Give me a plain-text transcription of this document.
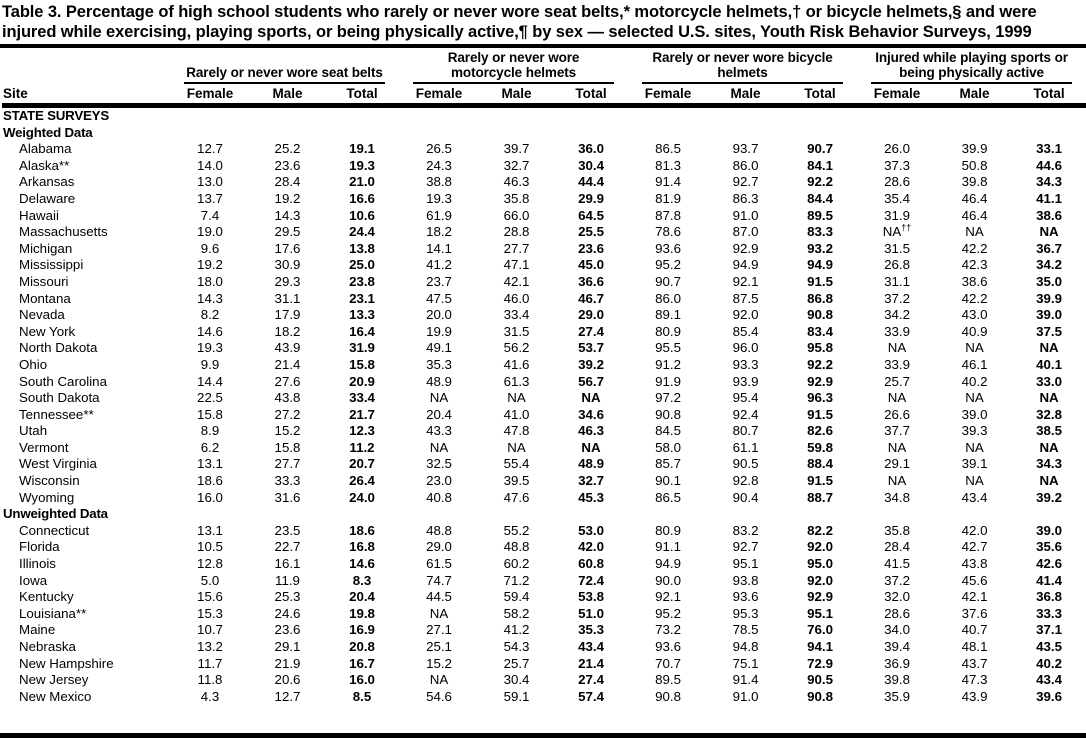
Table 3. Percentage of high school students who rarely or never wore seat belts,* motorcycle helmets,† or bicycle helmets,§ and were injured while exercising, playing sports, or being physically active,¶ by sex — selected U.S. sites, Youth Risk Behavior Surveys, 1999
Site	Rarely or never wore seat belts			Rarely or never wore motorcycle helmets			Rarely or never wore bicycle helmets			Injured while playing sports or being physically active		

	Female	Male	Total	Female	Male	Total	Female	Male	Total	Female	Male	Total
STATE SURVEYS												
Weighted Data												
Alabama	12.7	25.2	19.1	26.5	39.7	36.0	86.5	93.7	90.7	26.0	39.9	33.1
Alaska**	14.0	23.6	19.3	24.3	32.7	30.4	81.3	86.0	84.1	37.3	50.8	44.6
Arkansas	13.0	28.4	21.0	38.8	46.3	44.4	91.4	92.7	92.2	28.6	39.8	34.3
Delaware	13.7	19.2	16.6	19.3	35.8	29.9	81.9	86.3	84.4	35.4	46.4	41.1
Hawaii	7.4	14.3	10.6	61.9	66.0	64.5	87.8	91.0	89.5	31.9	46.4	38.6
Massachusetts	19.0	29.5	24.4	18.2	28.8	25.5	78.6	87.0	83.3	NA††	NA	NA
Michigan	9.6	17.6	13.8	14.1	27.7	23.6	93.6	92.9	93.2	31.5	42.2	36.7
Mississippi	19.2	30.9	25.0	41.2	47.1	45.0	95.2	94.9	94.9	26.8	42.3	34.2
Missouri	18.0	29.3	23.8	23.7	42.1	36.6	90.7	92.1	91.5	31.1	38.6	35.0
Montana	14.3	31.1	23.1	47.5	46.0	46.7	86.0	87.5	86.8	37.2	42.2	39.9
Nevada	8.2	17.9	13.3	20.0	33.4	29.0	89.1	92.0	90.8	34.2	43.0	39.0
New York	14.6	18.2	16.4	19.9	31.5	27.4	80.9	85.4	83.4	33.9	40.9	37.5
North Dakota	19.3	43.9	31.9	49.1	56.2	53.7	95.5	96.0	95.8	NA	NA	NA
Ohio	9.9	21.4	15.8	35.3	41.6	39.2	91.2	93.3	92.2	33.9	46.1	40.1
South Carolina	14.4	27.6	20.9	48.9	61.3	56.7	91.9	93.9	92.9	25.7	40.2	33.0
South Dakota	22.5	43.8	33.4	NA	NA	NA	97.2	95.4	96.3	NA	NA	NA
Tennessee**	15.8	27.2	21.7	20.4	41.0	34.6	90.8	92.4	91.5	26.6	39.0	32.8
Utah	8.9	15.2	12.3	43.3	47.8	46.3	84.5	80.7	82.6	37.7	39.3	38.5
Vermont	6.2	15.8	11.2	NA	NA	NA	58.0	61.1	59.8	NA	NA	NA
West Virginia	13.1	27.7	20.7	32.5	55.4	48.9	85.7	90.5	88.4	29.1	39.1	34.3
Wisconsin	18.6	33.3	26.4	23.0	39.5	32.7	90.1	92.8	91.5	NA	NA	NA
Wyoming	16.0	31.6	24.0	40.8	47.6	45.3	86.5	90.4	88.7	34.8	43.4	39.2
Unweighted Data												
Connecticut	13.1	23.5	18.6	48.8	55.2	53.0	80.9	83.2	82.2	35.8	42.0	39.0
Florida	10.5	22.7	16.8	29.0	48.8	42.0	91.1	92.7	92.0	28.4	42.7	35.6
Illinois	12.8	16.1	14.6	61.5	60.2	60.8	94.9	95.1	95.0	41.5	43.8	42.6
Iowa	5.0	11.9	8.3	74.7	71.2	72.4	90.0	93.8	92.0	37.2	45.6	41.4
Kentucky	15.6	25.3	20.4	44.5	59.4	53.8	92.1	93.6	92.9	32.0	42.1	36.8
Louisiana**	15.3	24.6	19.8	NA	58.2	51.0	95.2	95.3	95.1	28.6	37.6	33.3
Maine	10.7	23.6	16.9	27.1	41.2	35.3	73.2	78.5	76.0	34.0	40.7	37.1
Nebraska	13.2	29.1	20.8	25.1	54.3	43.4	93.6	94.8	94.1	39.4	48.1	43.5
New Hampshire	11.7	21.9	16.7	15.2	25.7	21.4	70.7	75.1	72.9	36.9	43.7	40.2
New Jersey	11.8	20.6	16.0	NA	30.4	27.4	89.5	91.4	90.5	39.8	47.3	43.4
New Mexico	4.3	12.7	8.5	54.6	59.1	57.4	90.8	91.0	90.8	35.9	43.9	39.6
